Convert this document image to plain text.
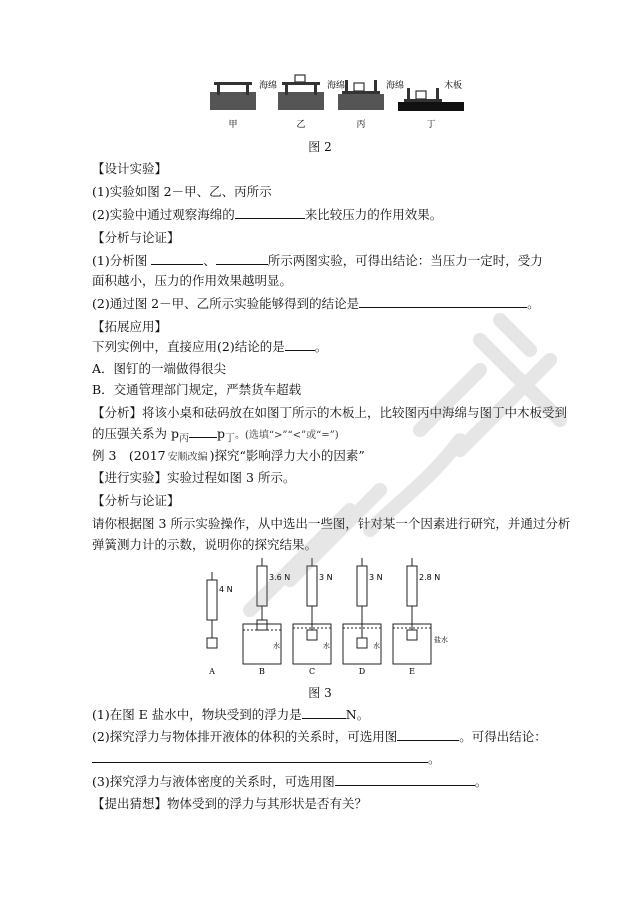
海绵	海绵	海绵	木板
甲	乙	丙	丁
图 2
【设计实验】
(1)实验如图 2－甲、乙、丙所示
(2)实验中通过观察海绵的	来比较压力的作用效果。
【分析与论证】
(1)分析图	、	所示两图实验，可得出结论：当压力一定时，受力
面积越小，压力的作用效果越明显。
(2)通过图 2－甲、乙所示实验能够得到的结论是	。
【拓展应用】
下列实例中，直接应用(2)结论的是 。
A．图钉的一端做得很尖
B．交通管理部门规定，严禁货车超载
【分析】将该小桌和砝码放在如图丁所示的木板上，比较图丙中海绵与图丁中木板受到
的压强关系为 $p_丙$ $p_丁$。(选填“>”“<”或“=”)
例 3　(2017 安顺改编 )探究“影响浮力大小的因素”
【进行实验】实验过程如图 3 所示。
【分析与论证】
请你根据图 3 所示实验操作，从中选出一些图，针对某一个因素进行研究，并通过分析
弹簧测力计的示数，说明你的探究结果。
4 N
A
3.6 N
水
B
3 N
水
C
3 N
水
D
2.8 N
盐水
E
图 3
(1)在图 E 盐水中，物块受到的浮力是	N。
(2)探究浮力与物体排开液体的体积的关系时，可选用图	。可得出结论：
。
(3)探究浮力与液体密度的关系时，可选用图	。
【提出猜想】物体受到的浮力与其形状是否有关？
